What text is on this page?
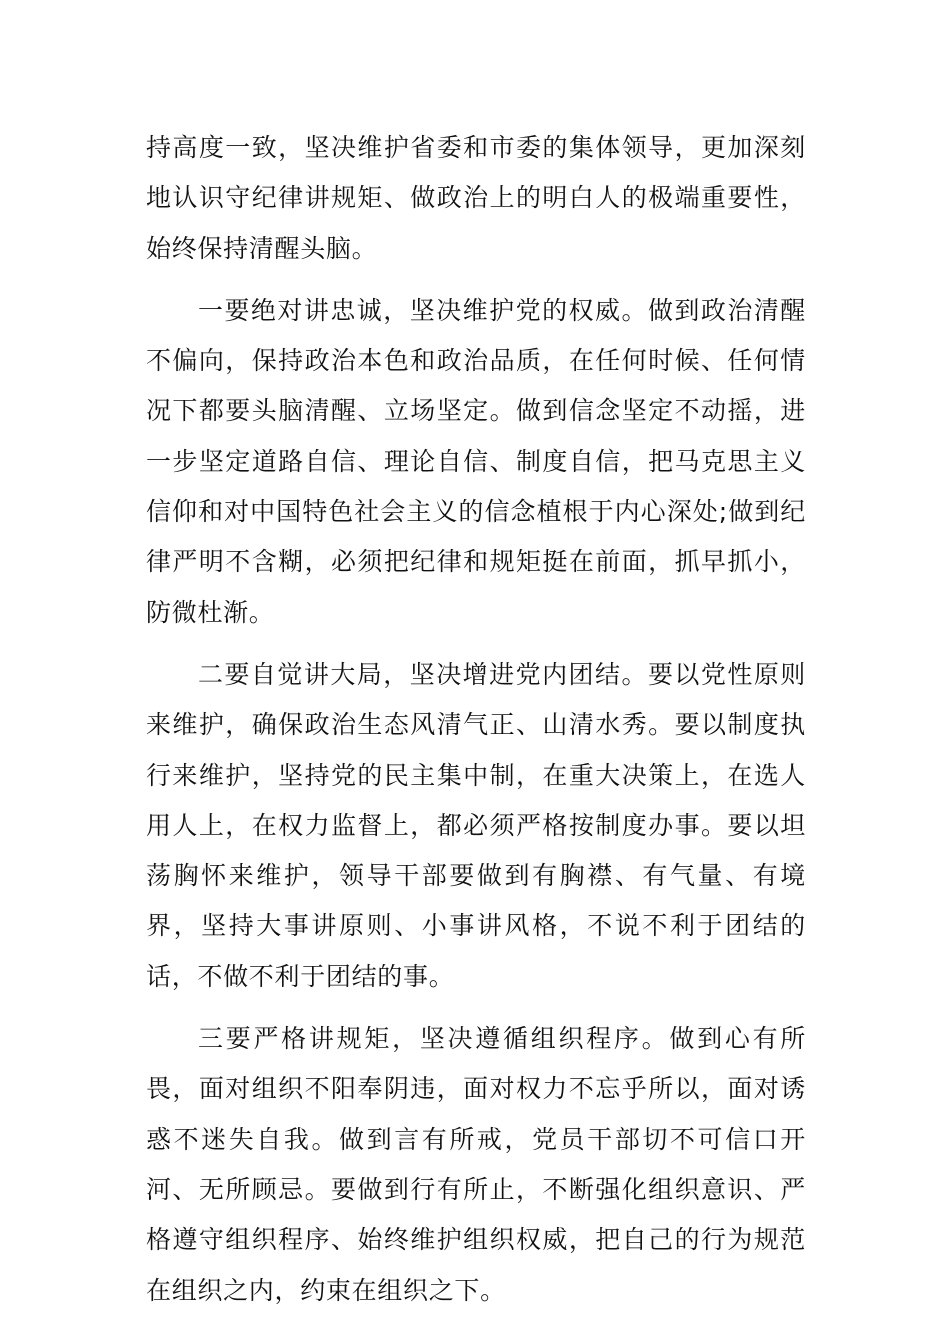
持高度一致，坚决维护省委和市委的集体领导，更加深刻地认识守纪律讲规矩、做政治上的明白人的极端重要性，始终保持清醒头脑。

一要绝对讲忠诚，坚决维护党的权威。做到政治清醒不偏向，保持政治本色和政治品质，在任何时候、任何情况下都要头脑清醒、立场坚定。做到信念坚定不动摇，进一步坚定道路自信、理论自信、制度自信，把马克思主义信仰和对中国特色社会主义的信念植根于内心深处;做到纪律严明不含糊，必须把纪律和规矩挺在前面，抓早抓小，防微杜渐。

二要自觉讲大局，坚决增进党内团结。要以党性原则来维护，确保政治生态风清气正、山清水秀。要以制度执行来维护，坚持党的民主集中制，在重大决策上，在选人用人上，在权力监督上，都必须严格按制度办事。要以坦荡胸怀来维护，领导干部要做到有胸襟、有气量、有境界，坚持大事讲原则、小事讲风格，不说不利于团结的话，不做不利于团结的事。

三要严格讲规矩，坚决遵循组织程序。做到心有所畏，面对组织不阳奉阴违，面对权力不忘乎所以，面对诱惑不迷失自我。做到言有所戒，党员干部切不可信口开河、无所顾忌。要做到行有所止，不断强化组织意识、严格遵守组织程序、始终维护组织权威，把自己的行为规范在组织之内，约束在组织之下。
